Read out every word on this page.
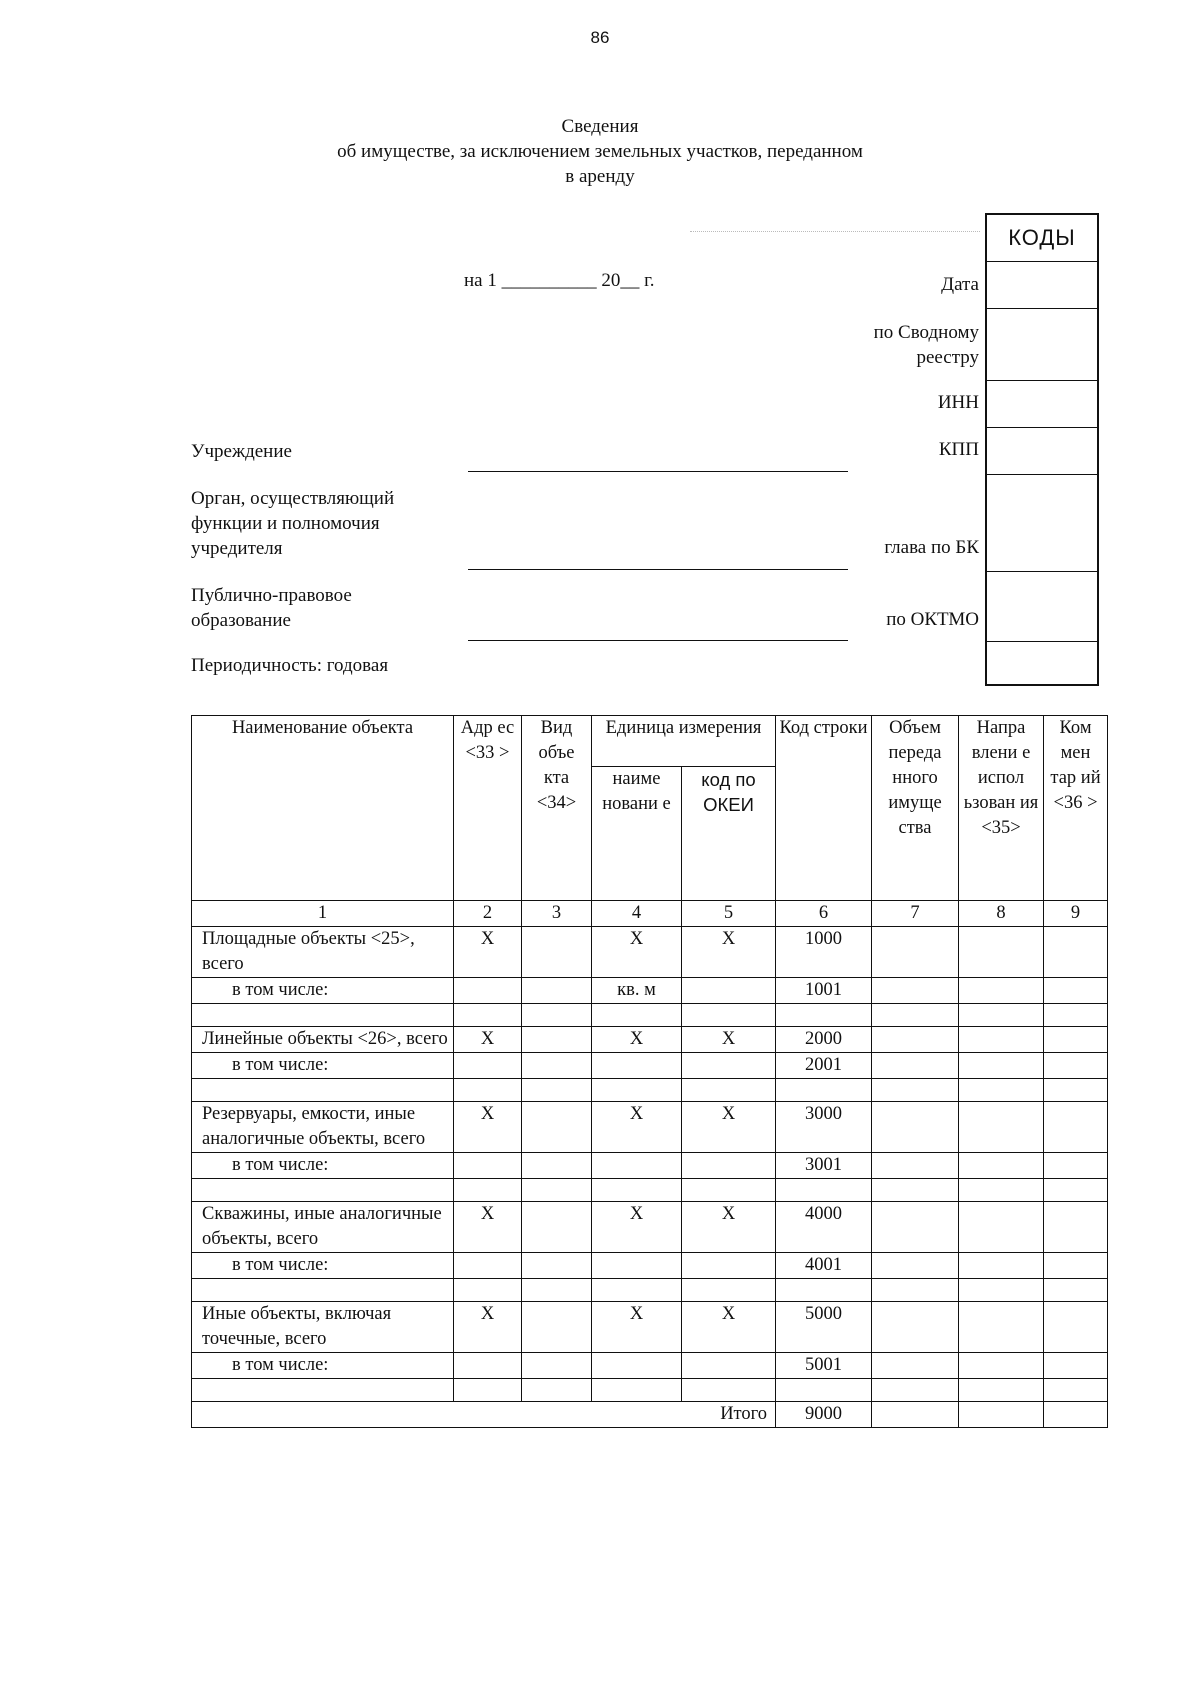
86
Сведения
об имуществе, за исключением земельных участков, переданном
в аренду
КОДЫ
на 1 __________ 20__ г.	Дата
по Сводному
реестру
ИНН
КПП
глава по БК
по ОКТМО
Учреждение
Орган, осуществляющий
функции и полномочия
учредителя
Публично-правовое
образование
Периодичность: годовая
Наименование объекта	Адр ес <33 >	Вид объе кта <34>	Единица измерения		Код строки	Объем переда нного имуще ства	Напра влени е испол ьзован ия <35>	Ком мен тар ий <36 >
			наиме новани е	код по ОКЕИ				
1	2	3	4	5	6	7	8	9
Площадные объекты <25>, всего	X		X	X	1000			
в том числе:			кв. м		1001			

Линейные объекты <26>, всего	X		X	X	2000			
в том числе:					2001			

Резервуары, емкости, иные аналогичные объекты, всего	X		X	X	3000			
в том числе:					3001			

Скважины, иные аналогичные объекты, всего	X		X	X	4000			
в том числе:					4001			

Иные объекты, включая точечные, всего	X		X	X	5000			
в том числе:					5001			

Итого					9000			
